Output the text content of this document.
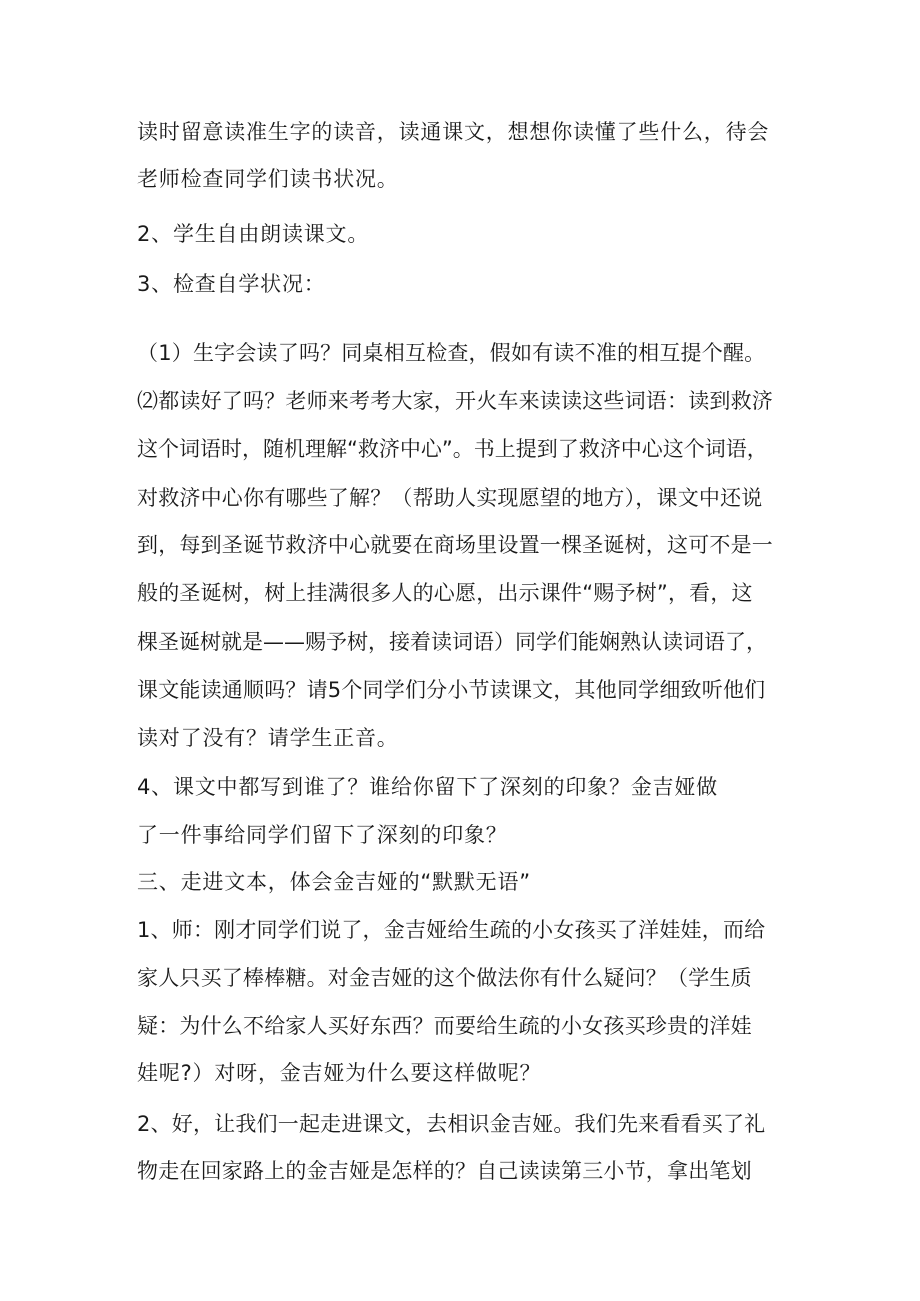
读时留意读准生字的读音，读通课文，想想你读懂了些什么，待会
老师检查同学们读书状况。
2、学生自由朗读课文。
3、检查自学状况：
（1）生字会读了吗？同桌相互检查，假如有读不准的相互提个醒。
⑵都读好了吗？老师来考考大家，开火车来读读这些词语：读到救济
这个词语时，随机理解“救济中心”。书上提到了救济中心这个词语，
对救济中心你有哪些了解？（帮助人实现愿望的地方），课文中还说
到，每到圣诞节救济中心就要在商场里设置一棵圣诞树，这可不是一
般的圣诞树，树上挂满很多人的心愿，出示课件“赐予树”，看，这
棵圣诞树就是——赐予树，接着读词语）同学们能娴熟认读词语了，
课文能读通顺吗？请5个同学们分小节读课文，其他同学细致听他们
读对了没有？请学生正音。
4、课文中都写到谁了？谁给你留下了深刻的印象？金吉娅做
了一件事给同学们留下了深刻的印象？
三、走进文本，体会金吉娅的“默默无语”
1、师：刚才同学们说了，金吉娅给生疏的小女孩买了洋娃娃，而给
家人只买了棒棒糖。对金吉娅的这个做法你有什么疑问？（学生质
疑：为什么不给家人买好东西？而要给生疏的小女孩买珍贵的洋娃
娃呢?）对呀，金吉娅为什么要这样做呢？
2、好，让我们一起走进课文，去相识金吉娅。我们先来看看买了礼
物走在回家路上的金吉娅是怎样的？自己读读第三小节，拿出笔划
